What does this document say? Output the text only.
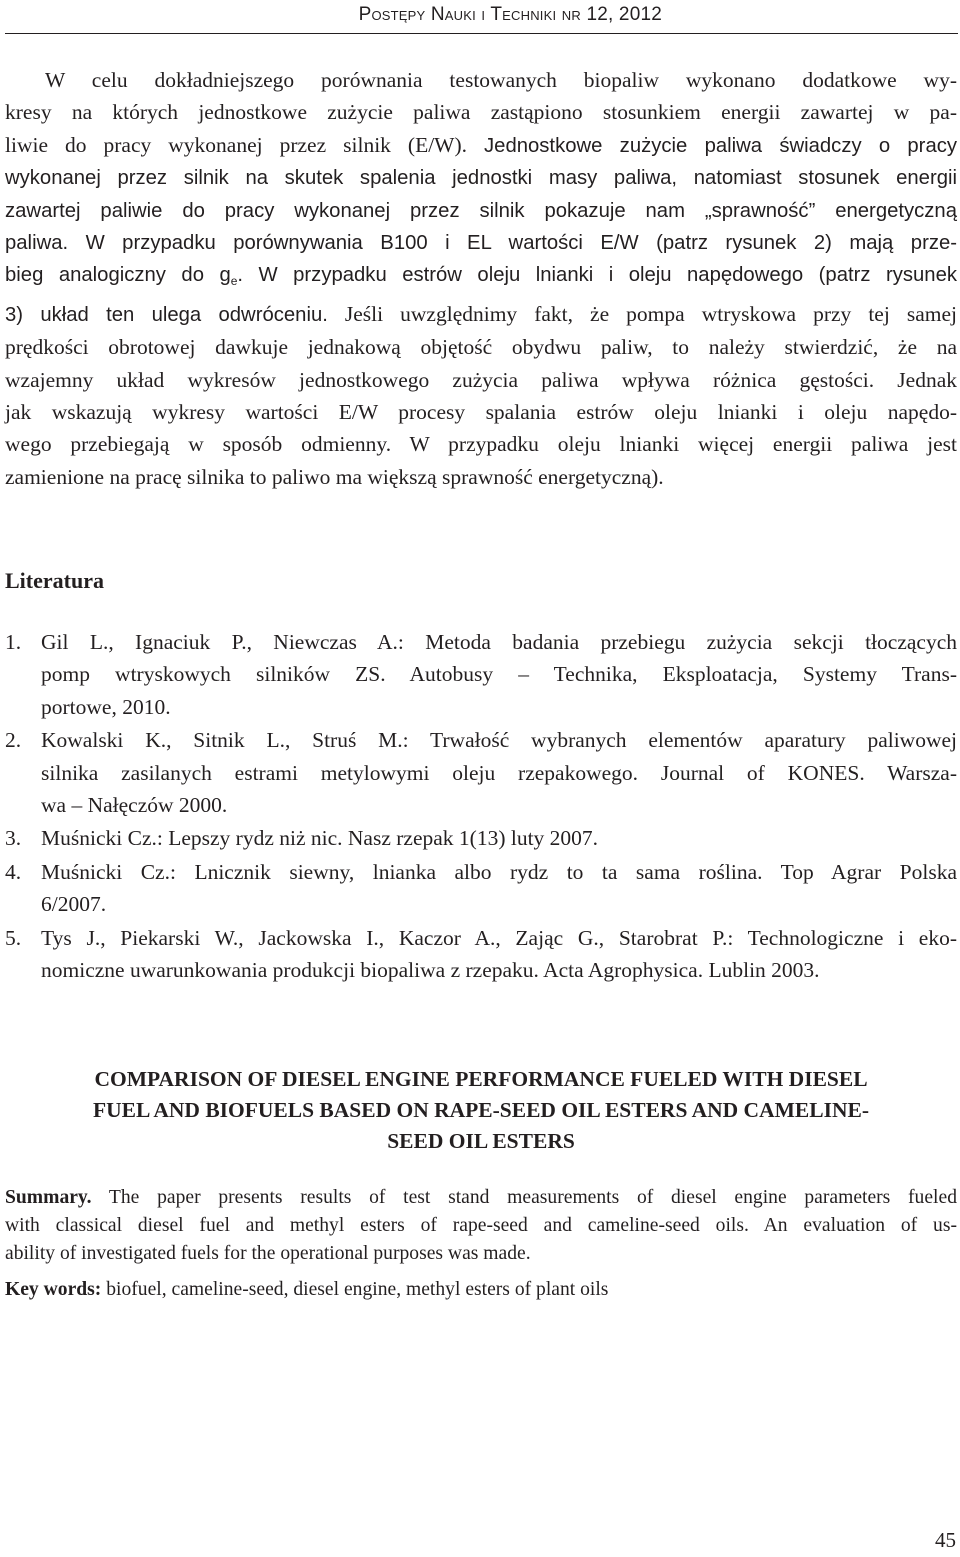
Postępy Nauki i Techniki nr 12, 2012
W celu dokładniejszego porównania testowanych biopaliw wykonano dodatkowe wy-
kresy na których jednostkowe zużycie paliwa zastąpiono stosunkiem energii zawartej w pa-
liwie do pracy wykonanej przez silnik (E/W). Jednostkowe zużycie paliwa świadczy o pracy
wykonanej przez silnik na skutek spalenia jednostki masy paliwa, natomiast stosunek energii
zawartej paliwie do pracy wykonanej przez silnik pokazuje nam „sprawność” energetyczną
paliwa. W przypadku porównywania B100 i EL wartości E/W (patrz rysunek 2) mają prze-
bieg analogiczny do $g_e$. W przypadku estrów oleju lnianki i oleju napędowego (patrz rysunek
3) układ ten ulega odwróceniu. Jeśli uwzględnimy fakt, że pompa wtryskowa przy tej samej
prędkości obrotowej dawkuje jednakową objętość obydwu paliw, to należy stwierdzić, że na
wzajemny układ wykresów jednostkowego zużycia paliwa wpływa różnica gęstości. Jednak
jak wskazują wykresy wartości E/W procesy spalania estrów oleju lnianki i oleju napędo-
wego przebiegają w sposób odmienny. W przypadku oleju lnianki więcej energii paliwa jest
zamienione na pracę silnika to paliwo ma większą sprawność energetyczną).
Literatura
1. Gil L., Ignaciuk P., Niewczas A.: Metoda badania przebiegu zużycia sekcji tłoczących
pomp wtryskowych silników ZS. Autobusy – Technika, Eksploatacja, Systemy Trans-
portowe, 2010.
2. Kowalski K., Sitnik L., Struś M.: Trwałość wybranych elementów aparatury paliwowej
silnika zasilanych estrami metylowymi oleju rzepakowego. Journal of KONES. Warsza-
wa – Nałęczów 2000.
3. Muśnicki Cz.: Lepszy rydz niż nic. Nasz rzepak 1(13) luty 2007.
4. Muśnicki Cz.: Lnicznik siewny, lnianka albo rydz to ta sama roślina. Top Agrar Polska
6/2007.
5. Tys J., Piekarski W., Jackowska I., Kaczor A., Zając G., Starobrat P.: Technologiczne i eko-
nomiczne uwarunkowania produkcji biopaliwa z rzepaku. Acta Agrophysica. Lublin 2003.
COMPARISON OF DIESEL ENGINE PERFORMANCE FUELED WITH DIESEL
FUEL AND BIOFUELS BASED ON RAPE-SEED OIL ESTERS AND CAMELINE-
SEED OIL ESTERS

Summary. The paper presents results of test stand measurements of diesel engine parameters fueled
with classical diesel fuel and methyl esters of rape-seed and cameline-seed oils. An evaluation of us-
ability of investigated fuels for the operational purposes was made.

Key words: biofuel, cameline-seed, diesel engine, methyl esters of plant oils

45
